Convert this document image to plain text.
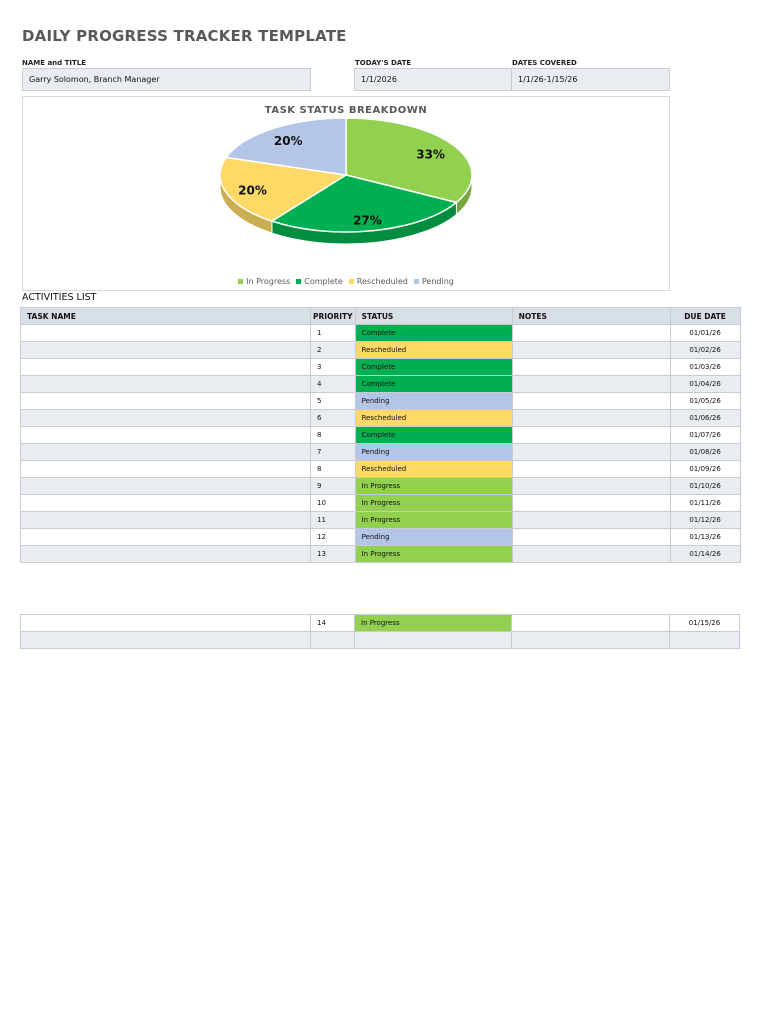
DAILY PROGRESS TRACKER TEMPLATE
NAME and TITLE
Garry Solomon, Branch Manager
TODAY'S DATE
1/1/2026
DATES COVERED
1/1/26-1/15/26
TASK STATUS BREAKDOWN
33%
27%
20%
20%
In Progress Complete Rescheduled Pending
ACTIVITIES LIST
TASK NAME	PRIORITY	STATUS	NOTES	DUE DATE
	1	Complete		01/01/26
	2	Rescheduled		01/02/26
	3	Complete		01/03/26
	4	Complete		01/04/26
	5	Pending		01/05/26
	6	Rescheduled		01/06/26
	8	Complete		01/07/26
	7	Pending		01/08/26
	8	Rescheduled		01/09/26
	9	In Progress		01/10/26
	10	In Progress		01/11/26
	11	In Progress		01/12/26
	12	Pending		01/13/26
	13	In Progress		01/14/26
	14	In Progress		01/15/26
